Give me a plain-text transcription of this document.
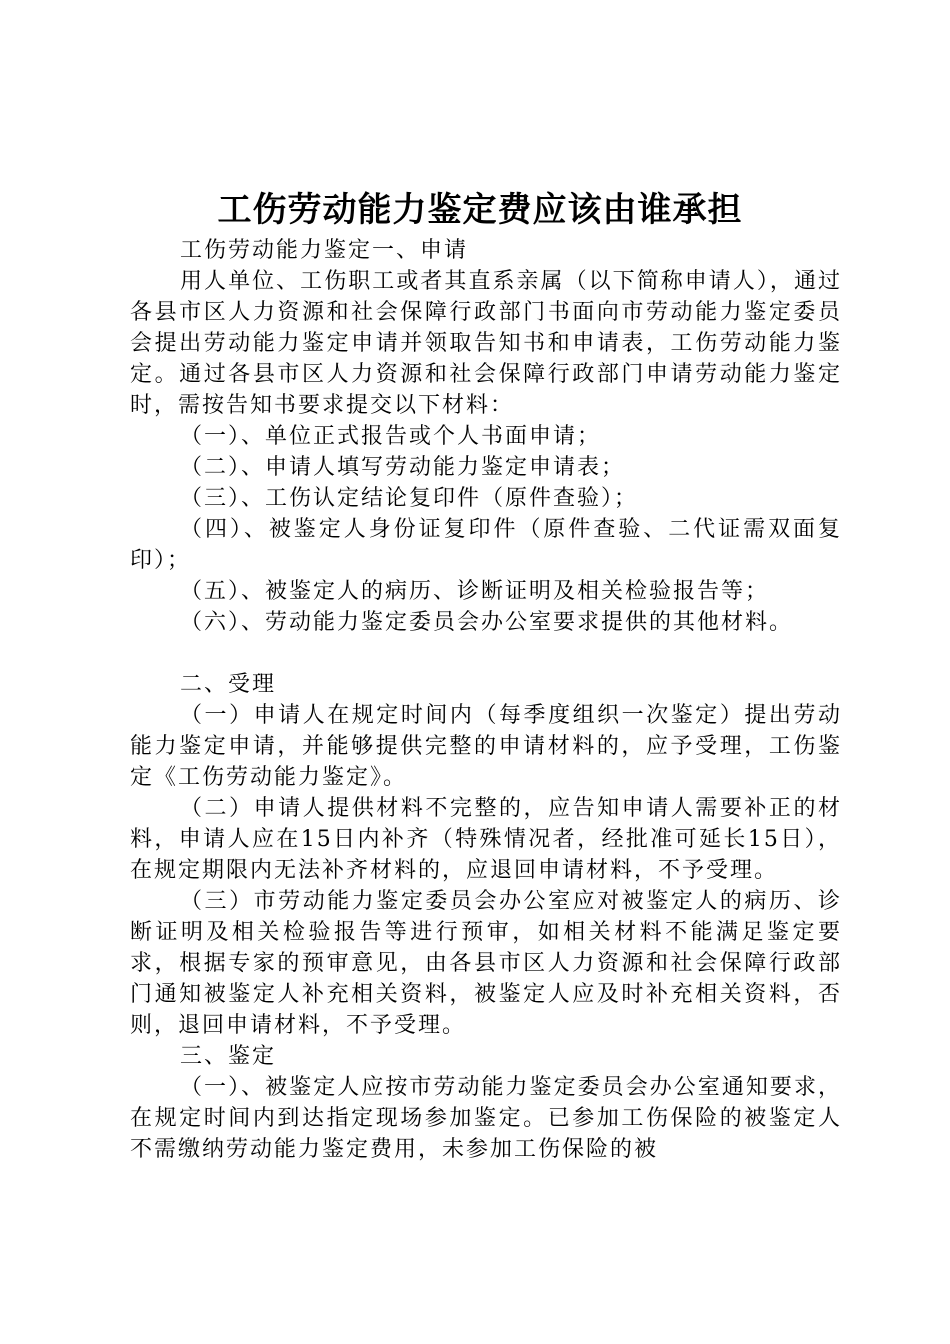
工伤劳动能力鉴定费应该由谁承担

工伤劳动能力鉴定一、申请

用人单位、工伤职工或者其直系亲属（以下简称申请人），通过各县市区人力资源和社会保障行政部门书面向市劳动能力鉴定委员会提出劳动能力鉴定申请并领取告知书和申请表，工伤劳动能力鉴定。通过各县市区人力资源和社会保障行政部门申请劳动能力鉴定时，需按告知书要求提交以下材料：

（一）、单位正式报告或个人书面申请；

（二）、申请人填写劳动能力鉴定申请表；

（三）、工伤认定结论复印件（原件查验）；

（四）、被鉴定人身份证复印件（原件查验、二代证需双面复印）；

（五）、被鉴定人的病历、诊断证明及相关检验报告等；

（六）、劳动能力鉴定委员会办公室要求提供的其他材料。

二、受理

（一）申请人在规定时间内（每季度组织一次鉴定）提出劳动能力鉴定申请，并能够提供完整的申请材料的，应予受理，工伤鉴定《工伤劳动能力鉴定》。

（二）申请人提供材料不完整的，应告知申请人需要补正的材料，申请人应在15日内补齐（特殊情况者，经批准可延长15日），在规定期限内无法补齐材料的，应退回申请材料，不予受理。

（三）市劳动能力鉴定委员会办公室应对被鉴定人的病历、诊断证明及相关检验报告等进行预审，如相关材料不能满足鉴定要求，根据专家的预审意见，由各县市区人力资源和社会保障行政部门通知被鉴定人补充相关资料，被鉴定人应及时补充相关资料，否则，退回申请材料，不予受理。

三、鉴定

（一）、被鉴定人应按市劳动能力鉴定委员会办公室通知要求，在规定时间内到达指定现场参加鉴定。已参加工伤保险的被鉴定人不需缴纳劳动能力鉴定费用，未参加工伤保险的被
